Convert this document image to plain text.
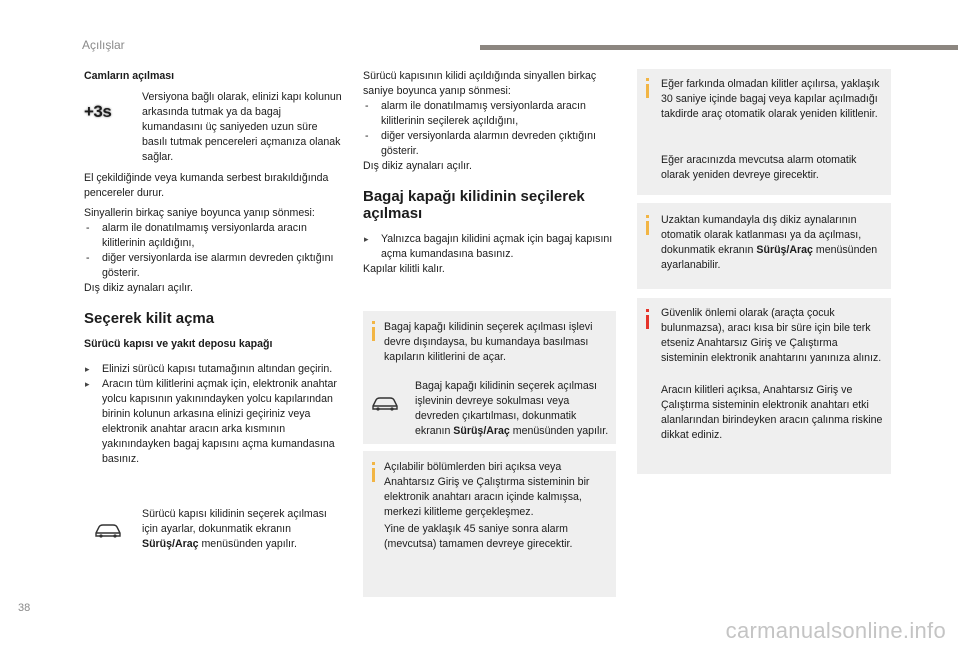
Açılışlar
Camların açılması
+3s

Versiyona bağlı olarak, elinizi kapı kolunun arkasında tutmak ya da bagaj kumandasını üç saniyeden uzun süre basılı tutmak pencereleri açmanıza olanak sağlar.

El çekildiğinde veya kumanda serbest bırakıldığında pencereler durur.

Sinyallerin birkaç saniye boyunca yanıp sönmesi:

- alarm ile donatılmamış versiyonlarda aracın kilitlerinin açıldığını,

- diğer versiyonlarda ise alarmın devreden çıktığını gösterir.

Dış dikiz aynaları açılır.

Seçerek kilit açma
Sürücü kapısı ve yakıt deposu kapağı

▸ Elinizi sürücü kapısı tutamağının altından geçirin.

▸ Aracın tüm kilitlerini açmak için, elektronik anahtar yolcu kapısının yakınındayken yolcu kapılarından birinin kolunun arkasına elinizi geçiriniz veya elektronik anahtar aracın arka kısmının yakınındayken bagaj kapısını açma kumandasına basınız.

Sürücü kapısı kilidinin seçerek açılması için ayarlar, dokunmatik ekranın Sürüş/Araç menüsünden yapılır.

Sürücü kapısının kilidi açıldığında sinyallen birkaç saniye boyunca yanıp sönmesi:

- alarm ile donatılmamış versiyonlarda aracın kilitlerinin seçilerek açıldığını,

- diğer versiyonlarda alarmın devreden çıktığını gösterir.

Dış dikiz aynaları açılır.

Bagaj kapağı kilidinin seçilerek açılması

▸ Yalnızca bagajın kilidini açmak için bagaj kapısını açma kumandasına basınız.

Kapılar kilitli kalır.

Bagaj kapağı kilidinin seçerek açılması işlevi devre dışındaysa, bu kumandaya basılması kapıların kilitlerini de açar.

Bagaj kapağı kilidinin seçerek açılması işlevinin devreye sokulması veya devreden çıkartılması, dokunmatik ekranın Sürüş/Araç menüsünden yapılır.

Açılabilir bölümlerden biri açıksa veya Anahtarsız Giriş ve Çalıştırma sisteminin bir elektronik anahtarı aracın içinde kalmışsa, merkezi kilitleme gerçekleşmez.

Yine de yaklaşık 45 saniye sonra alarm (mevcutsa) tamamen devreye girecektir.

Eğer farkında olmadan kilitler açılırsa, yaklaşık 30 saniye içinde bagaj veya kapılar açılmadığı takdirde araç otomatik olarak yeniden kilitlenir.

Eğer aracınızda mevcutsa alarm otomatik olarak yeniden devreye girecektir.

Uzaktan kumandayla dış dikiz aynalarının otomatik olarak katlanması ya da açılması, dokunmatik ekranın Sürüş/Araç menüsünden ayarlanabilir.

Güvenlik önlemi olarak (araçta çocuk bulunmazsa), aracı kısa bir süre için bile terk etseniz Anahtarsız Giriş ve Çalıştırma sisteminin elektronik anahtarını yanınıza alınız.

Aracın kilitleri açıksa, Anahtarsız Giriş ve Çalıştırma sisteminin elektronik anahtarı etki alanlarından birindeyken aracın çalınma riskine dikkat ediniz.

38
carmanualsonline.info
